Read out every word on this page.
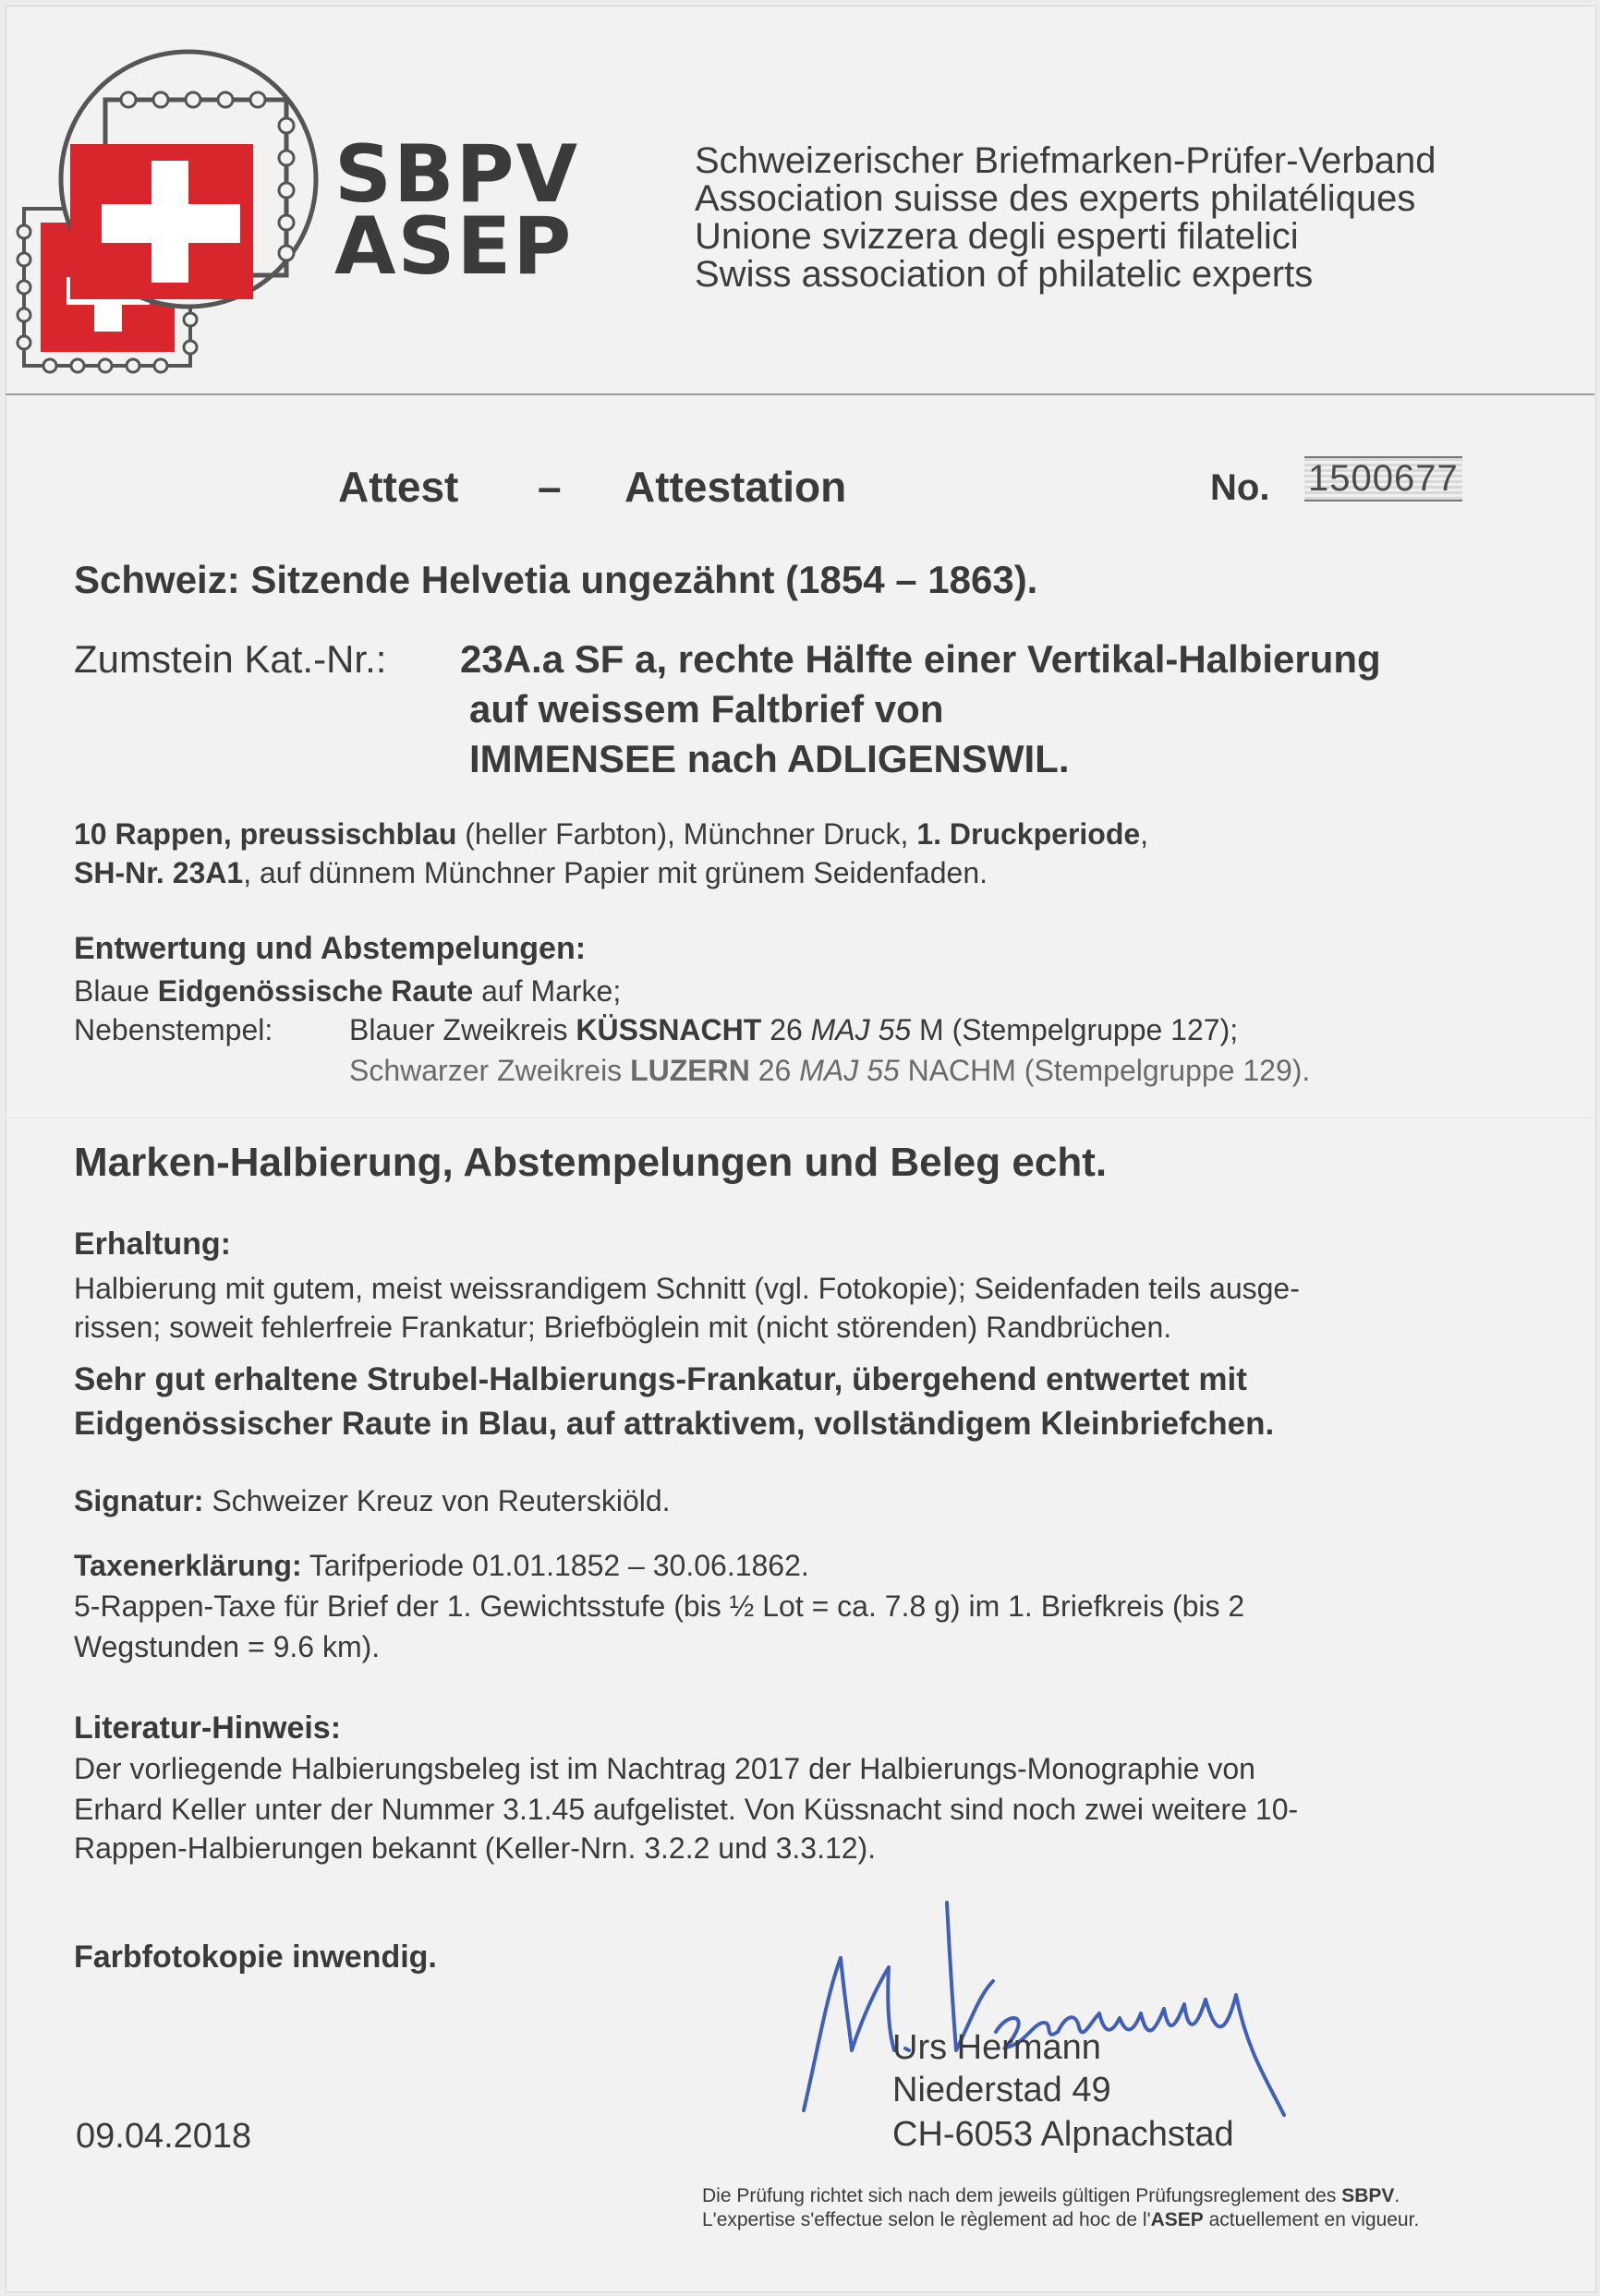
SBPV
ASEP
Schweizerischer Briefmarken-Prüfer-Verband
Association suisse des experts philatéliques
Unione svizzera degli esperti filatelici
Swiss association of philatelic experts
Attest – Attestation	No. 1500677
Schweiz: Sitzende Helvetia ungezähnt (1854 – 1863).
Zumstein Kat.-Nr.: 23A.a SF a, rechte Hälfte einer Vertikal-Halbierung
auf weissem Faltbrief von
IMMENSEE nach ADLIGENSWIL.
10 Rappen, preussischblau (heller Farbton), Münchner Druck, 1. Druckperiode,
SH-Nr. 23A1, auf dünnem Münchner Papier mit grünem Seidenfaden.
Entwertung und Abstempelungen:
Blaue Eidgenössische Raute auf Marke;
Nebenstempel:	Blauer Zweikreis KÜSSNACHT 26 MAJ 55 M (Stempelgruppe 127);
Schwarzer Zweikreis LUZERN 26 MAJ 55 NACHM (Stempelgruppe 129).
Marken-Halbierung, Abstempelungen und Beleg echt.
Erhaltung:
Halbierung mit gutem, meist weissrandigem Schnitt (vgl. Fotokopie); Seidenfaden teils ausge-
rissen; soweit fehlerfreie Frankatur; Briefböglein mit (nicht störenden) Randbrüchen.
Sehr gut erhaltene Strubel-Halbierungs-Frankatur, übergehend entwertet mit
Eidgenössischer Raute in Blau, auf attraktivem, vollständigem Kleinbriefchen.
Signatur: Schweizer Kreuz von Reuterskiöld.
Taxenerklärung: Tarifperiode 01.01.1852 – 30.06.1862.
5-Rappen-Taxe für Brief der 1. Gewichtsstufe (bis ½ Lot = ca. 7.8 g) im 1. Briefkreis (bis 2
Wegstunden = 9.6 km).
Literatur-Hinweis:
Der vorliegende Halbierungsbeleg ist im Nachtrag 2017 der Halbierungs-Monographie von
Erhard Keller unter der Nummer 3.1.45 aufgelistet. Von Küssnacht sind noch zwei weitere 10-
Rappen-Halbierungen bekannt (Keller-Nrn. 3.2.2 und 3.3.12).
Farbfotokopie inwendig.
Urs Hermann
Niederstad 49
CH-6053 Alpnachstad
09.04.2018
Die Prüfung richtet sich nach dem jeweils gültigen Prüfungsreglement des SBPV.
L'expertise s'effectue selon le règlement ad hoc de l'ASEP actuellement en vigueur.
